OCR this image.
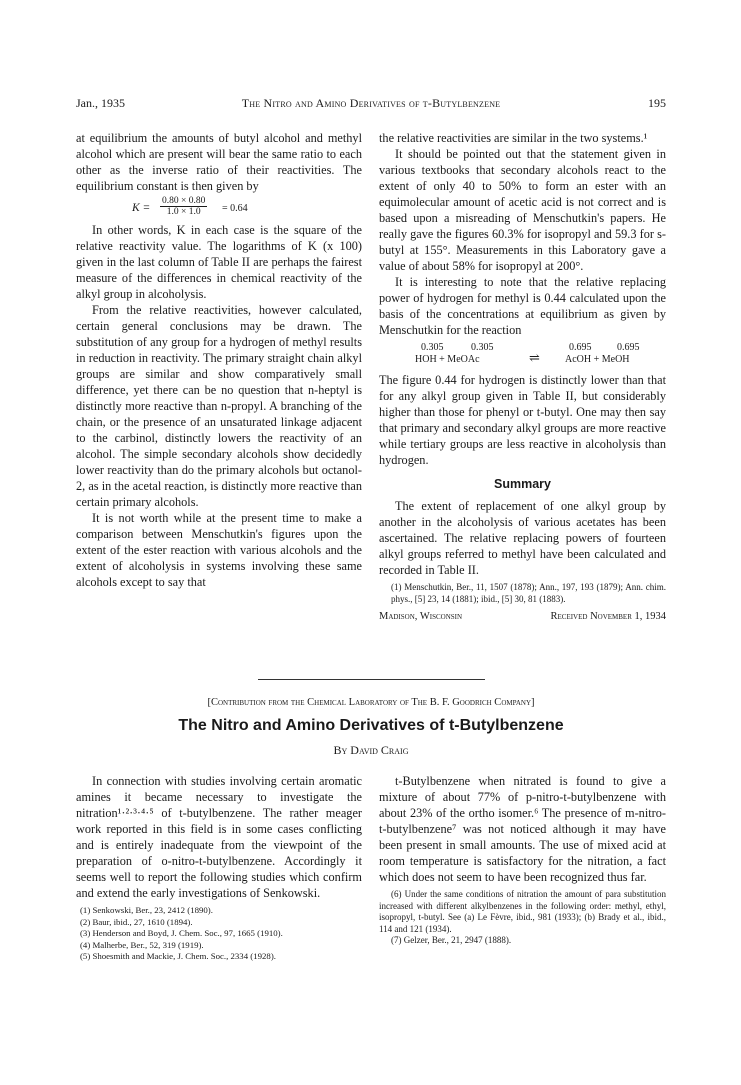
Jan., 1935	The Nitro and Amino Derivatives of t-Butylbenzene	195

at equilibrium the amounts of butyl alcohol and methyl alcohol which are present will bear the same ratio to each other as the inverse ratio of their reactivities. The equilibrium constant is then given by

$K = \frac{0.80 \times 0.80}{1.0 \times 1.0} = 0.64$

In other words, K in each case is the square of the relative reactivity value. The logarithms of K (x 100) given in the last column of Table II are perhaps the fairest measure of the differences in chemical reactivity of the alkyl group in alcoholysis.

From the relative reactivities, however calculated, certain general conclusions may be drawn. The substitution of any group for a hydrogen of methyl results in reduction in reactivity. The primary straight chain alkyl groups are similar and show comparatively small difference, yet there can be no question that n-heptyl is distinctly more reactive than n-propyl. A branching of the chain, or the presence of an unsaturated linkage adjacent to the carbinol, distinctly lowers the reactivity of an alcohol. The simple secondary alcohols show decidedly lower reactivity than do the primary alcohols but octanol-2, as in the acetal reaction, is distinctly more reactive than certain primary alcohols.

It is not worth while at the present time to make a comparison between Menschutkin's figures upon the extent of the ester reaction with various alcohols and the extent of alcoholysis in systems involving these same alcohols except to say that

the relative reactivities are similar in the two systems.¹

It should be pointed out that the statement given in various textbooks that secondary alcohols react to the extent of only 40 to 50% to form an ester with an equimolecular amount of acetic acid is not correct and is based upon a misreading of Menschutkin's papers. He really gave the figures 60.3% for isopropyl and 59.3 for s-butyl at 155°. Measurements in this Laboratory gave a value of about 58% for isopropyl at 200°.

It is interesting to note that the relative replacing power of hydrogen for methyl is 0.44 calculated upon the basis of the concentrations at equilibrium as given by Menschutkin for the reaction

0.305	0.305	0.695	0.695
HOH + MeOAc	⇌	AcOH + MeOH

The figure 0.44 for hydrogen is distinctly lower than that for any alkyl group given in Table II, but considerably higher than those for phenyl or t-butyl. One may then say that primary and secondary alkyl groups are more reactive while tertiary groups are less reactive in alcoholysis than hydrogen.

Summary

The extent of replacement of one alkyl group by another in the alcoholysis of various acetates has been ascertained. The relative replacing powers of fourteen alkyl groups referred to methyl have been calculated and recorded in Table II.

(1) Menschutkin, Ber., 11, 1507 (1878); Ann., 197, 193 (1879); Ann. chim. phys., [5] 23, 14 (1881); ibid., [5] 30, 81 (1883).

Madison, Wisconsin	Received November 1, 1934
[Contribution from the Chemical Laboratory of The B. F. Goodrich Company]
The Nitro and Amino Derivatives of t-Butylbenzene
By David Craig

In connection with studies involving certain aromatic amines it became necessary to investigate the nitration¹·²·³·⁴·⁵ of t-butylbenzene. The rather meager work reported in this field is in some cases conflicting and is entirely inadequate from the viewpoint of the preparation of o-nitro-t-butylbenzene. Accordingly it seems well to report the following studies which confirm and extend the early investigations of Senkowski.

(1) Senkowski, Ber., 23, 2412 (1890).
(2) Baur, ibid., 27, 1610 (1894).
(3) Henderson and Boyd, J. Chem. Soc., 97, 1665 (1910).
(4) Malherbe, Ber., 52, 319 (1919).
(5) Shoesmith and Mackie, J. Chem. Soc., 2334 (1928).

t-Butylbenzene when nitrated is found to give a mixture of about 77% of p-nitro-t-butylbenzene with about 23% of the ortho isomer.⁶ The presence of m-nitro-t-butylbenzene⁷ was not noticed although it may have been present in small amounts. The use of mixed acid at room temperature is satisfactory for the nitration, a fact which does not seem to have been recognized thus far.

(6) Under the same conditions of nitration the amount of para substitution increased with different alkylbenzenes in the following order: methyl, ethyl, isopropyl, t-butyl. See (a) Le Fèvre, ibid., 981 (1933); (b) Brady et al., ibid., 114 and 121 (1934).

(7) Gelzer, Ber., 21, 2947 (1888).
